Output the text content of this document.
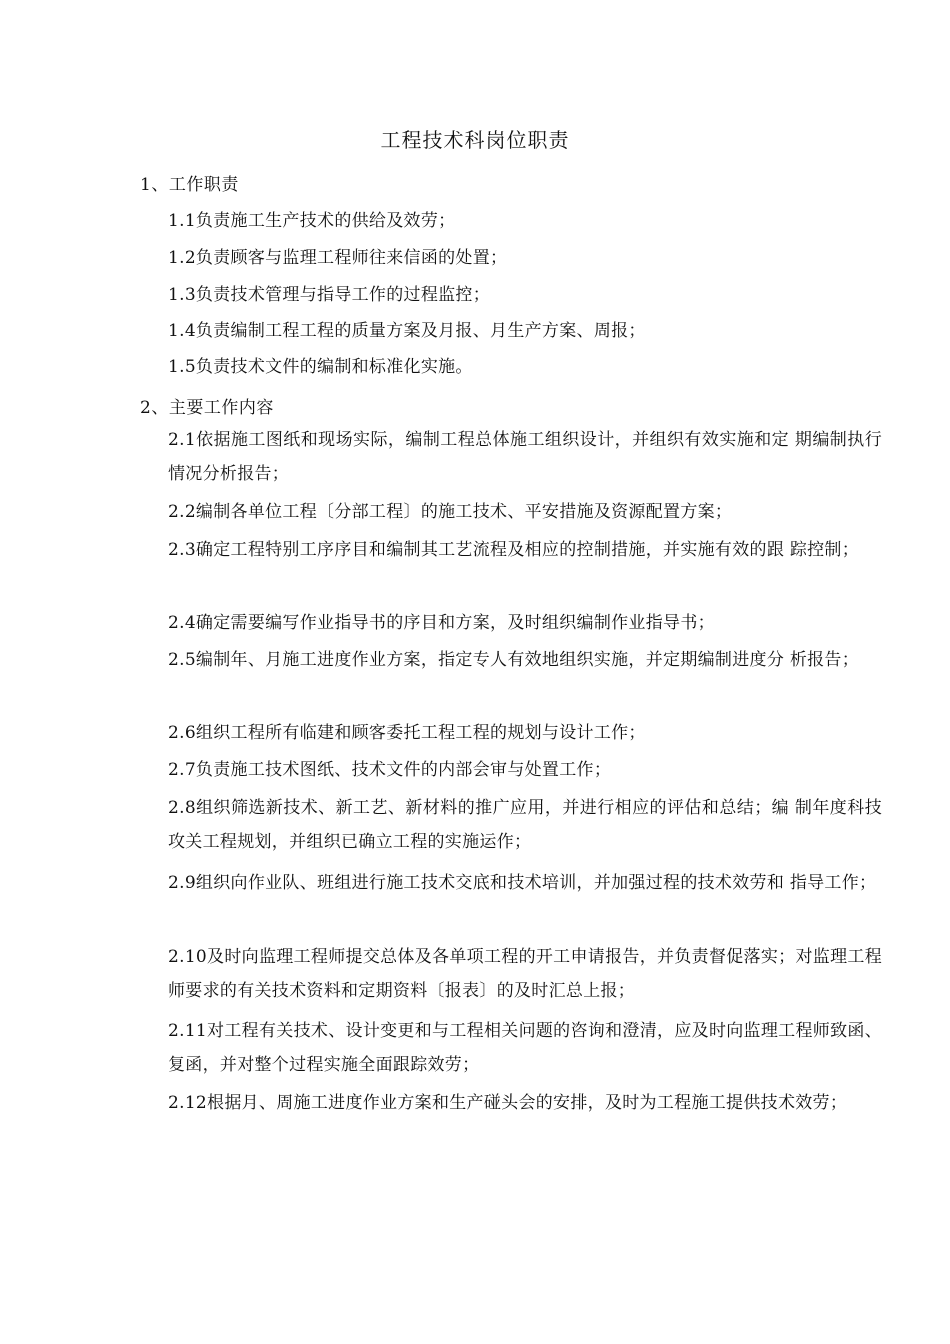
工程技术科岗位职责
1、工作职责
1.1负责施工生产技术的供给及效劳；
1.2负责顾客与监理工程师往来信函的处置；
1.3负责技术管理与指导工作的过程监控；
1.4负责编制工程工程的质量方案及月报、月生产方案、周报；
1.5负责技术文件的编制和标准化实施。
2、主要工作内容
2.1依据施工图纸和现场实际，编制工程总体施工组织设计，并组织有效实施和定 期编制执行情况分析报告；
2.2编制各单位工程〔分部工程〕的施工技术、平安措施及资源配置方案；
2.3确定工程特别工序序目和编制其工艺流程及相应的控制措施，并实施有效的跟 踪控制；
2.4确定需要编写作业指导书的序目和方案，及时组织编制作业指导书；
2.5编制年、月施工进度作业方案，指定专人有效地组织实施，并定期编制进度分 析报告；
2.6组织工程所有临建和顾客委托工程工程的规划与设计工作；
2.7负责施工技术图纸、技术文件的内部会审与处置工作；
2.8组织筛选新技术、新工艺、新材料的推广应用，并进行相应的评估和总结；编 制年度科技攻关工程规划，并组织已确立工程的实施运作；
2.9组织向作业队、班组进行施工技术交底和技术培训，并加强过程的技术效劳和 指导工作；
2.10及时向监理工程师提交总体及各单项工程的开工申请报告，并负责督促落实；对监理工程师要求的有关技术资料和定期资料〔报表〕的及时汇总上报；
2.11对工程有关技术、设计变更和与工程相关问题的咨询和澄清，应及时向监理工程师致函、复函，并对整个过程实施全面跟踪效劳；
2.12根据月、周施工进度作业方案和生产碰头会的安排，及时为工程施工提供技术效劳；
